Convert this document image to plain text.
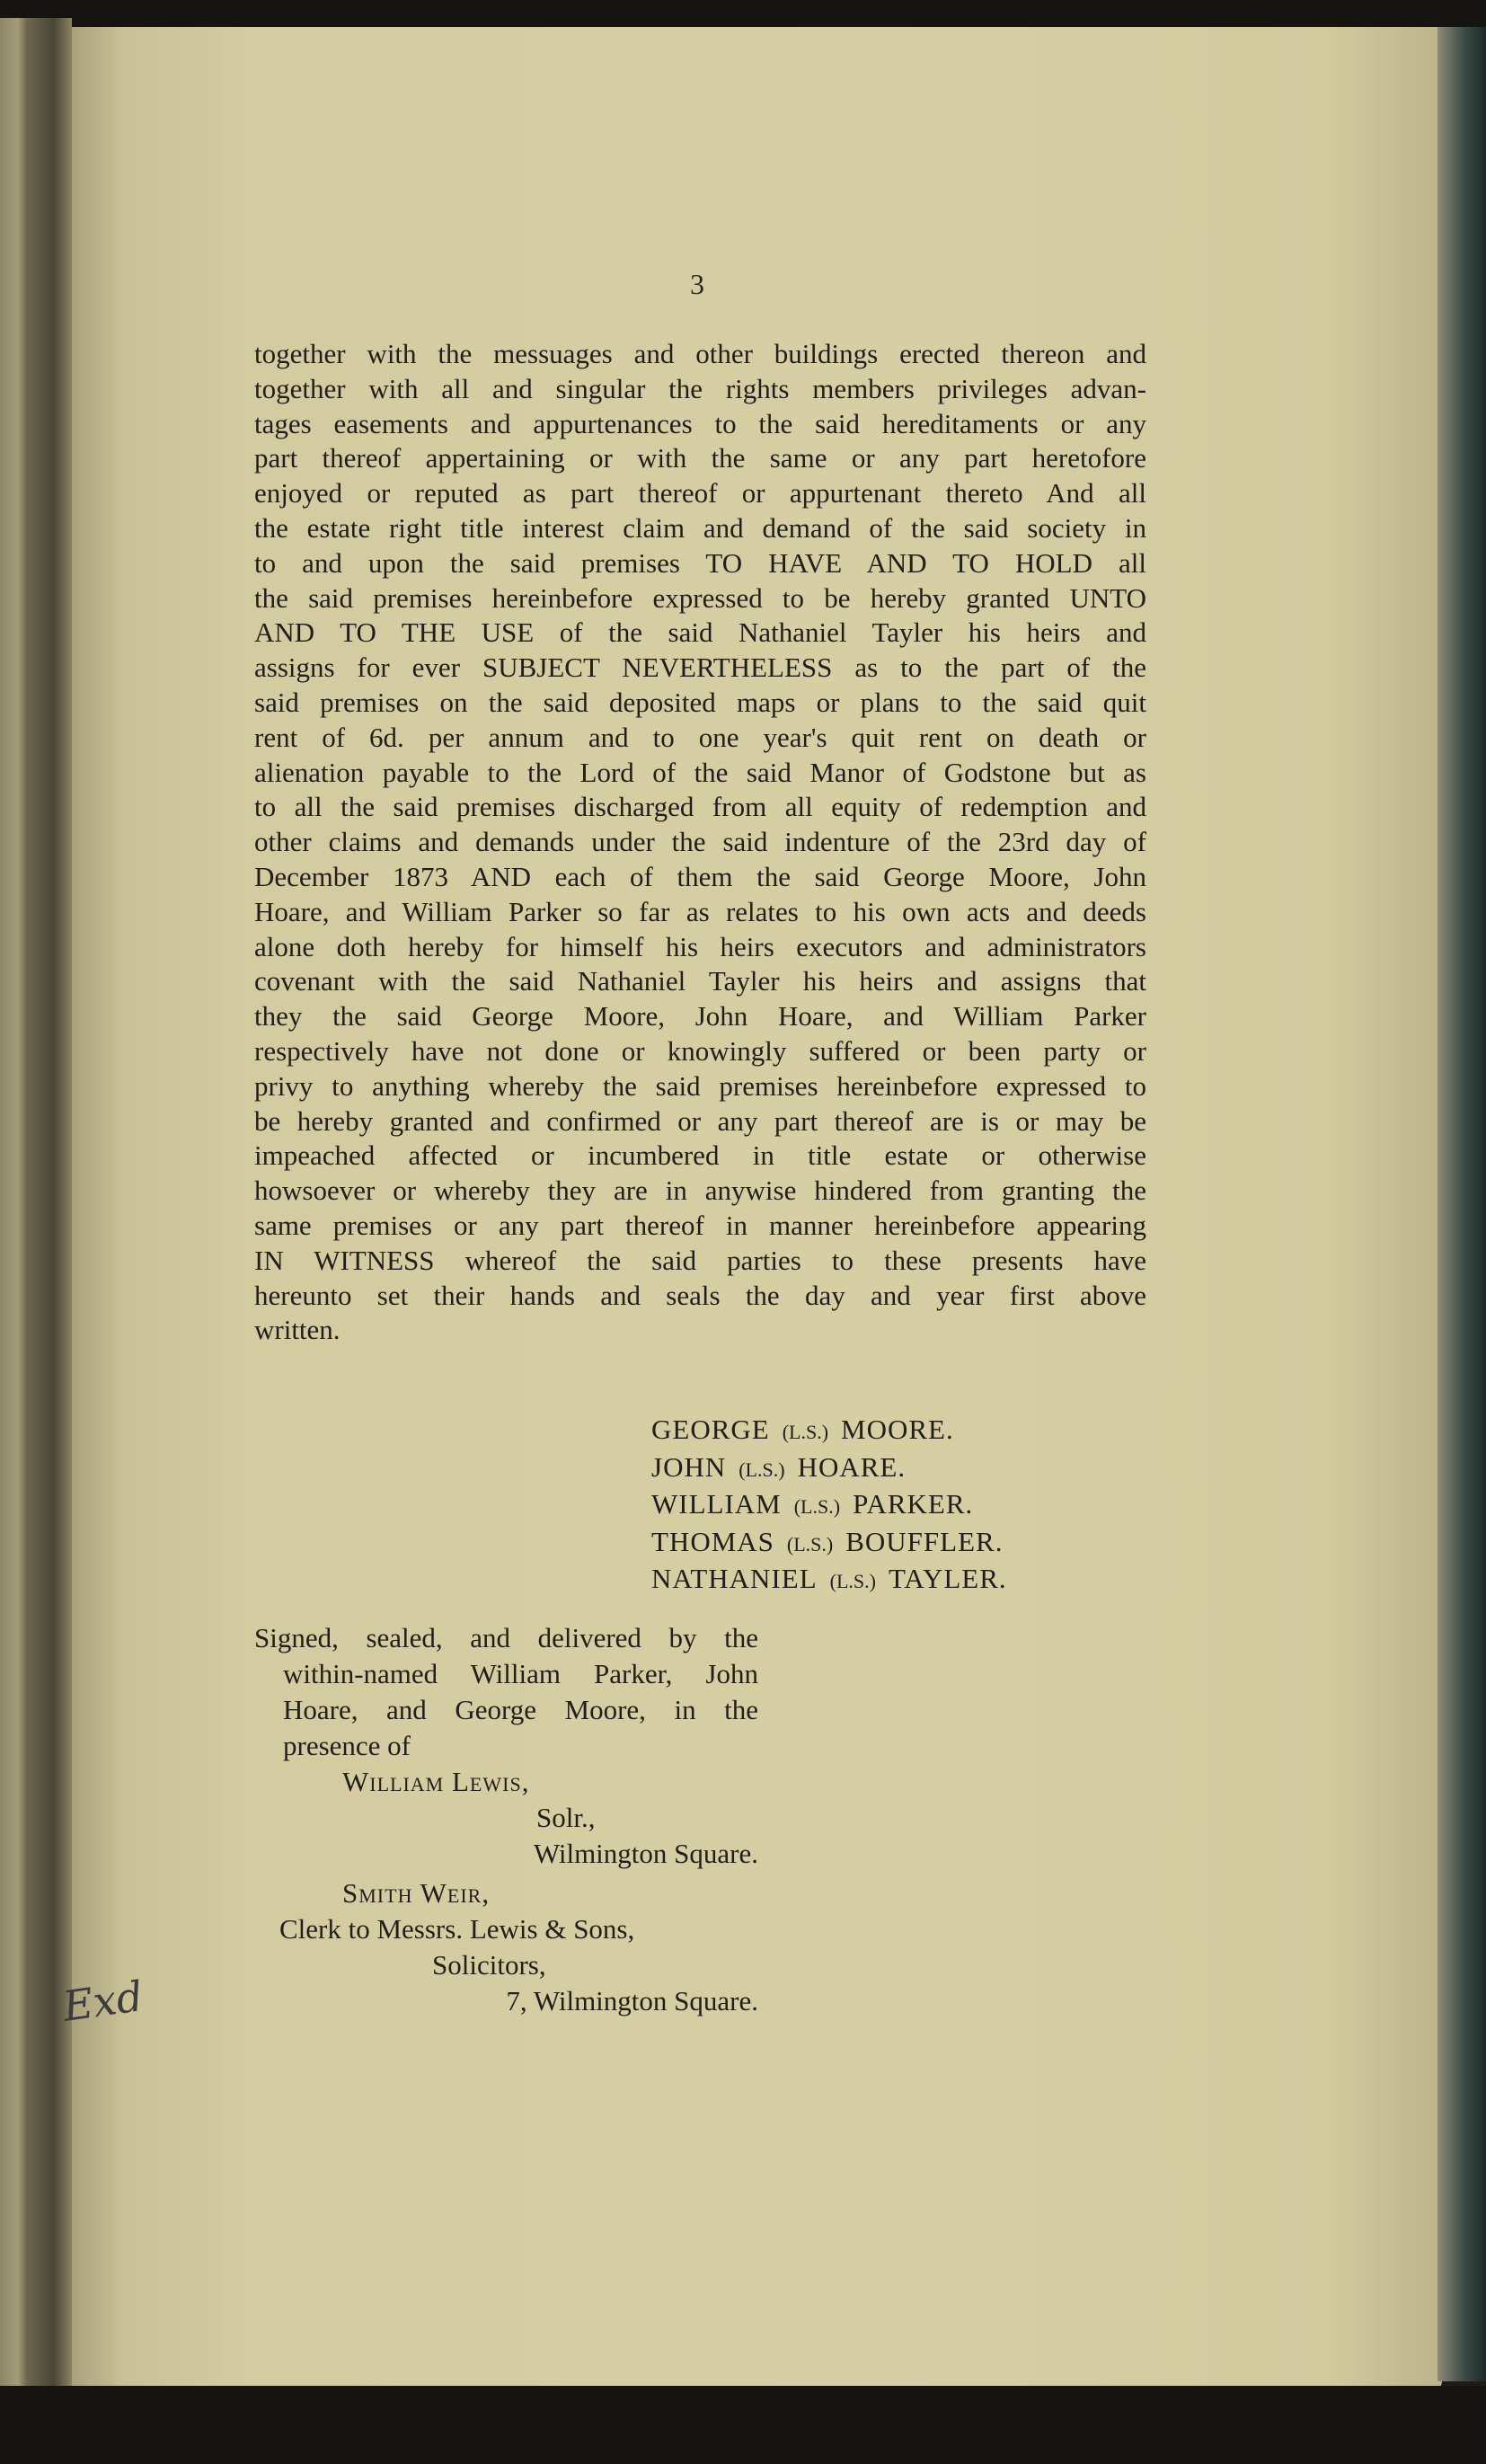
3
together with the messuages and other buildings erected thereon and
together with all and singular the rights members privileges advan-
tages easements and appurtenances to the said hereditaments or any
part thereof appertaining or with the same or any part heretofore
enjoyed or reputed as part thereof or appurtenant thereto And all
the estate right title interest claim and demand of the said society in
to and upon the said premises TO HAVE AND TO HOLD all
the said premises hereinbefore expressed to be hereby granted UNTO
AND TO THE USE of the said Nathaniel Tayler his heirs and
assigns for ever SUBJECT NEVERTHELESS as to the part of the
said premises on the said deposited maps or plans to the said quit
rent of 6d. per annum and to one year's quit rent on death or
alienation payable to the Lord of the said Manor of Godstone but as
to all the said premises discharged from all equity of redemption and
other claims and demands under the said indenture of the 23rd day of
December 1873 AND each of them the said George Moore, John
Hoare, and William Parker so far as relates to his own acts and deeds
alone doth hereby for himself his heirs executors and administrators
covenant with the said Nathaniel Tayler his heirs and assigns that
they the said George Moore, John Hoare, and William Parker
respectively have not done or knowingly suffered or been party or
privy to anything whereby the said premises hereinbefore expressed to
be hereby granted and confirmed or any part thereof are is or may be
impeached affected or incumbered in title estate or otherwise
howsoever or whereby they are in anywise hindered from granting the
same premises or any part thereof in manner hereinbefore appearing
IN WITNESS whereof the said parties to these presents have
hereunto set their hands and seals the day and year first above
written.
GEORGE (L.S.) MOORE.
JOHN (L.S.) HOARE.
WILLIAM (L.S.) PARKER.
THOMAS (L.S.) BOUFFLER.
NATHANIEL (L.S.) TAYLER.
Signed, sealed, and delivered by the
within-named William Parker, John
Hoare, and George Moore, in the
presence of
William Lewis,
Solr.,
Wilmington Square.
Smith Weir,
Clerk to Messrs. Lewis & Sons,
Solicitors,
7, Wilmington Square.
Exd
